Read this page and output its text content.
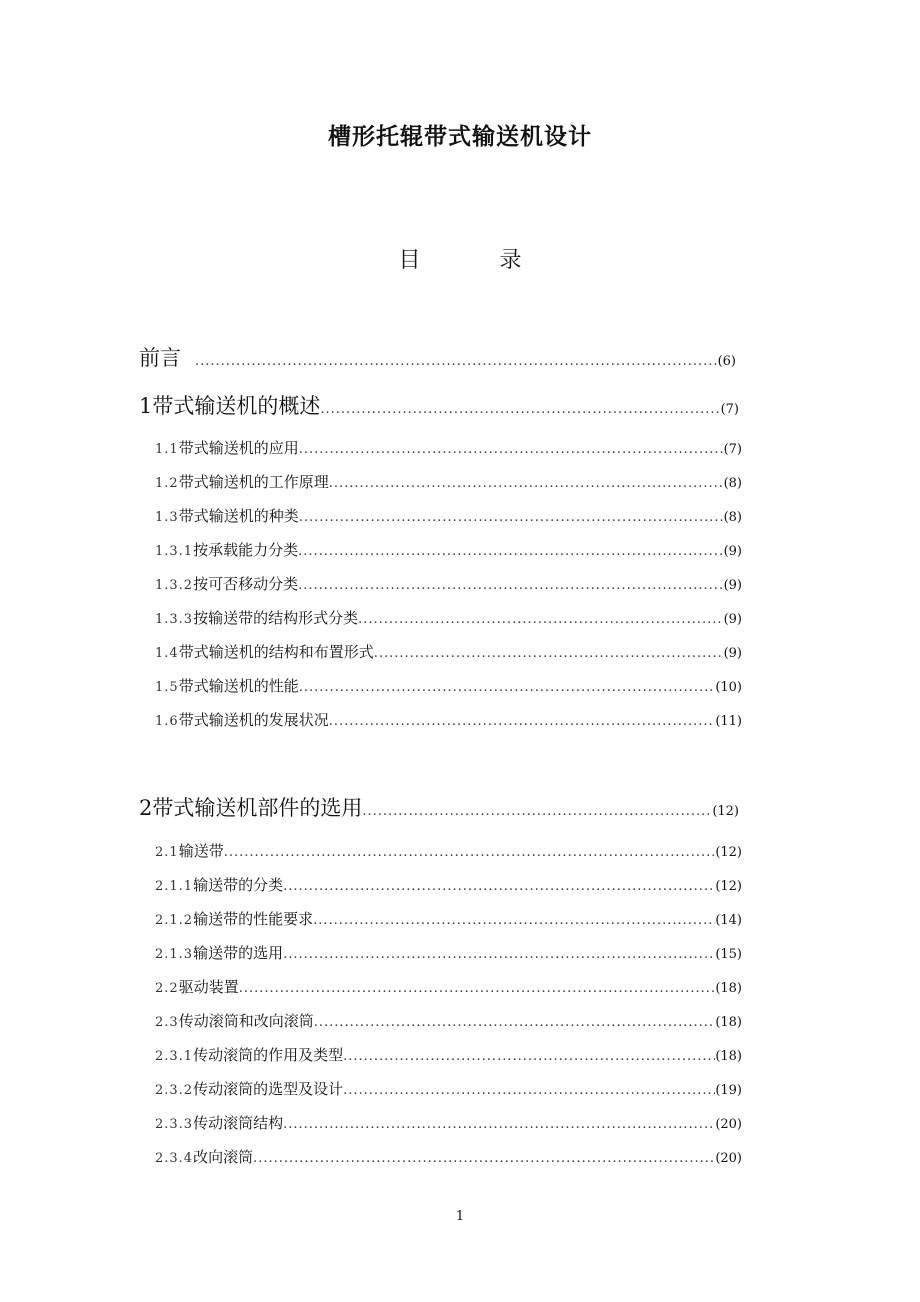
槽形托辊带式输送机设计
目 录
前言 .....	(6)
1 带式输送机的概述 .....	(7)
1.1 带式输送机的应用 .....	(7)
1.2 带式输送机的工作原理 .....	(8)
1.3 带式输送机的种类 .....	(8)
1.3.1 按承载能力分类 .....	(9)
1.3.2 按可否移动分类 .....	(9)
1.3.3 按输送带的结构形式分类 .....	(9)
1.4 带式输送机的结构和布置形式 .....	(9)
1.5 带式输送机的性能 .....	(10)
1.6 带式输送机的发展状况 .....	(11)
2 带式输送机部件的选用 .....	(12)
2.1 输送带 .....	(12)
2.1.1 输送带的分类 .....	(12)
2.1.2 输送带的性能要求 .....	(14)
2.1.3 输送带的选用 .....	(15)
2.2 驱动装置 .....	(18)
2.3 传动滚筒和改向滚筒 .....	(18)
2.3.1 传动滚筒的作用及类型 .....	(18)
2.3.2 传动滚筒的选型及设计 .....	(19)
2.3.3 传动滚筒结构 .....	(20)
2.3.4 改向滚筒 .....	(20)
1
